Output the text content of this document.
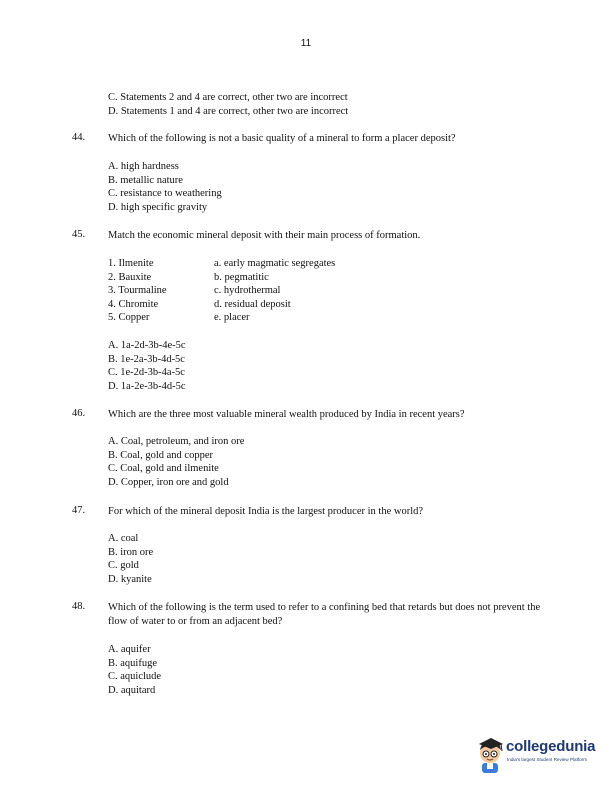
11
C. Statements 2 and 4 are correct, other two are incorrect
D. Statements 1 and 4 are correct, other two are incorrect
44. Which of the following is not a basic quality of a mineral to form a placer deposit?
A. high hardness
B. metallic nature
C. resistance to weathering
D. high specific gravity
45. Match the economic mineral deposit with their main process of formation.
1. Ilmenite
2. Bauxite
3. Tourmaline
4. Chromite
5. Copper
a. early magmatic segregates
b. pegmatitic
c. hydrothermal
d. residual deposit
e. placer
A. 1a-2d-3b-4e-5c
B. 1e-2a-3b-4d-5c
C. 1e-2d-3b-4a-5c
D. 1a-2e-3b-4d-5c
46. Which are the three most valuable mineral wealth produced by India in recent years?
A. Coal, petroleum, and iron ore
B. Coal, gold and copper
C. Coal, gold and ilmenite
D. Copper, iron ore and gold
47. For which of the mineral deposit India is the largest producer in the world?
A. coal
B. iron ore
C. gold
D. kyanite
48. Which of the following is the term used to refer to a confining bed that retards but does not prevent the flow of water to or from an adjacent bed?
A. aquifer
B. aquifuge
C. aquiclude
D. aquitard
collegedunia
India's largest Student Review Platform
